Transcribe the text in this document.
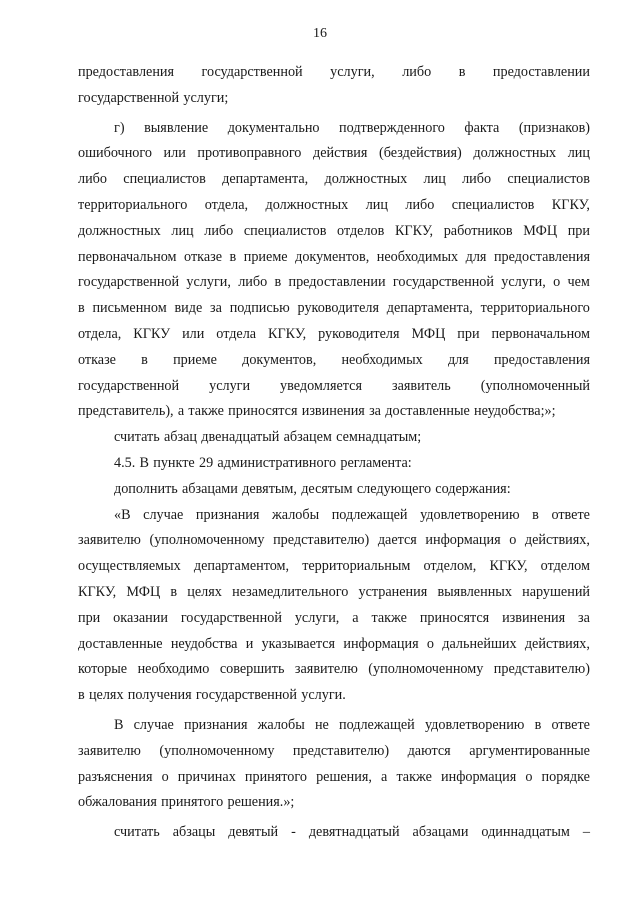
16
предоставления государственной услуги, либо в предоставлении
государственной услуги;
г) выявление документально подтвержденного факта (признаков)
ошибочного или противоправного действия (бездействия) должностных лиц
либо специалистов департамента, должностных лиц либо специалистов
территориального отдела, должностных лиц либо специалистов КГКУ,
должностных лиц либо специалистов отделов КГКУ, работников МФЦ при
первоначальном отказе в приеме документов, необходимых для предоставления
государственной услуги, либо в предоставлении государственной услуги, о чем
в письменном виде за подписью руководителя департамента, территориального
отдела, КГКУ или отдела КГКУ, руководителя МФЦ при первоначальном
отказе в приеме документов, необходимых для предоставления
государственной услуги уведомляется заявитель (уполномоченный
представитель), а также приносятся извинения за доставленные неудобства;»;
считать абзац двенадцатый абзацем семнадцатым;
4.5. В пункте 29 административного регламента:
дополнить абзацами девятым, десятым следующего содержания:
«В случае признания жалобы подлежащей удовлетворению в ответе
заявителю (уполномоченному представителю) дается информация о действиях,
осуществляемых департаментом, территориальным отделом, КГКУ, отделом
КГКУ, МФЦ в целях незамедлительного устранения выявленных нарушений
при оказании государственной услуги, а также приносятся извинения за
доставленные неудобства и указывается информация о дальнейших действиях,
которые необходимо совершить заявителю (уполномоченному представителю)
в целях получения государственной услуги.
В случае признания жалобы не подлежащей удовлетворению в ответе
заявителю (уполномоченному представителю) даются аргументированные
разъяснения о причинах принятого решения, а также информация о порядке
обжалования принятого решения.»;
считать абзацы девятый - девятнадцатый абзацами одиннадцатым –
